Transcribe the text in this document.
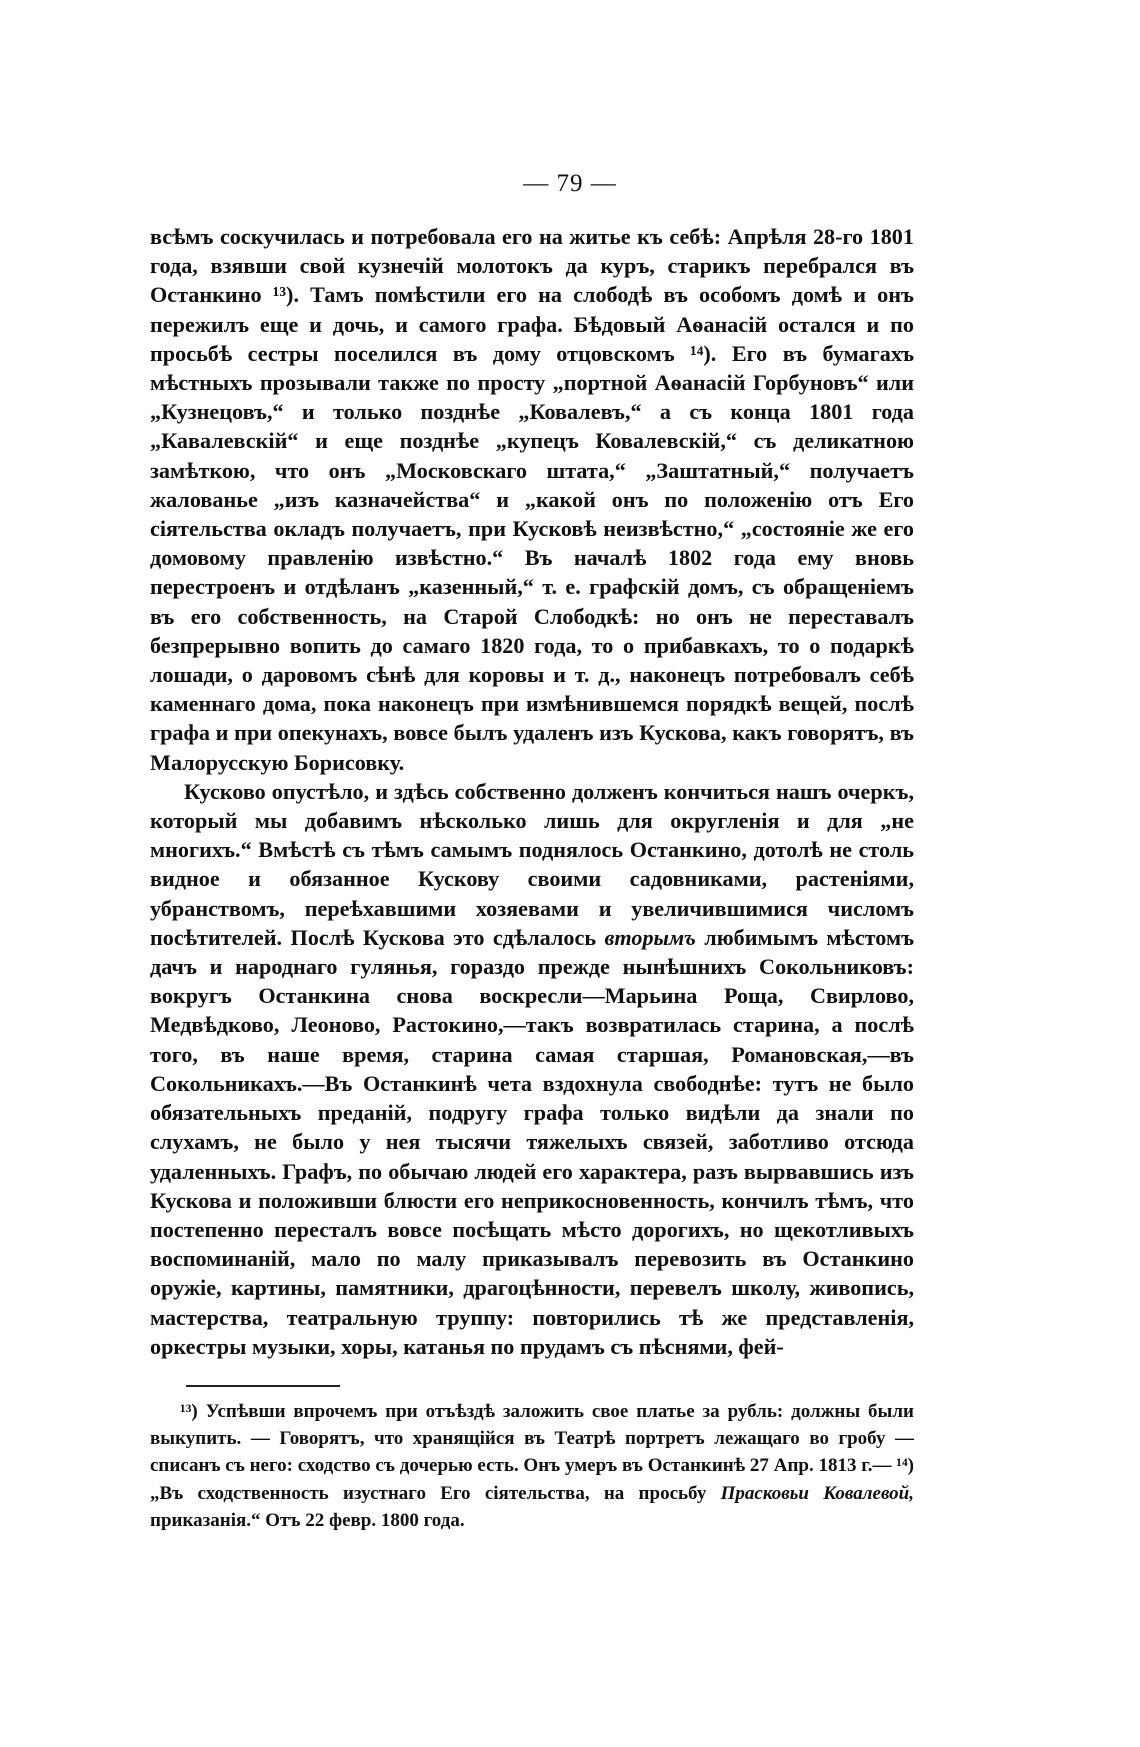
— 79 —

всѣмъ соскучилась и потребовала его на житье къ себѣ: Апрѣля 28-го 1801 года, взявши свой кузнечій молотокъ да куръ, старикъ перебрался въ Останкино ¹³). Тамъ помѣстили его на слободѣ въ особомъ домѣ и онъ пережилъ еще и дочь, и самого графа. Бѣдовый Аѳанасій остался и по просьбѣ сестры поселился въ дому отцовскомъ ¹⁴). Его въ бумагахъ мѣстныхъ прозывали также по просту „портной Аѳанасій Горбуновъ“ или „Кузнецовъ,“ и только позднѣе „Ковалевъ,“ а съ конца 1801 года „Кавалевскій“ и еще позднѣе „купецъ Ковалевскій,“ съ деликатною замѣткою, что онъ „Московскаго штата,“ „Заштатный,“ получаетъ жалованье „изъ казначейства“ и „какой онъ по положенію отъ Его сіятельства окладъ получаетъ, при Кусковѣ неизвѣстно,“ „состояніе же его домовому правленію извѣстно.“ Въ началѣ 1802 года ему вновь перестроенъ и отдѣланъ „казенный,“ т. е. графскій домъ, съ обращеніемъ въ его собственность, на Старой Слободкѣ: но онъ не переставалъ безпрерывно вопить до самаго 1820 года, то о прибавкахъ, то о подаркѣ лошади, о даровомъ сѣнѣ для коровы и т. д., наконецъ потребовалъ себѣ каменнаго дома, пока наконецъ при измѣнившемся порядкѣ вещей, послѣ графа и при опекунахъ, вовсе былъ удаленъ изъ Кускова, какъ говорятъ, въ Малорусскую Борисовку.

Кусково опустѣло, и здѣсь собственно долженъ кончиться нашъ очеркъ, который мы добавимъ нѣсколько лишь для округленія и для „не многихъ.“ Вмѣстѣ съ тѣмъ самымъ поднялось Останкино, дотолѣ не столь видное и обязанное Кускову своими садовниками, растеніями, убранствомъ, переѣхавшими хозяевами и увеличившимися числомъ посѣтителей. Послѣ Кускова это сдѣлалось вторымъ любимымъ мѣстомъ дачъ и народнаго гулянья, гораздо прежде нынѣшнихъ Сокольниковъ: вокругъ Останкина снова воскресли—Марьина Роща, Свирлово, Медвѣдково, Леоново, Растокино,—такъ возвратилась старина, а послѣ того, въ наше время, старина самая старшая, Романовская,—въ Сокольникахъ.—Въ Останкинѣ чета вздохнула свободнѣе: тутъ не было обязательныхъ преданій, подругу графа только видѣли да знали по слухамъ, не было у нея тысячи тяжелыхъ связей, заботливо отсюда удаленныхъ. Графъ, по обычаю людей его характера, разъ вырвавшись изъ Кускова и положивши блюсти его неприкосновенность, кончилъ тѣмъ, что постепенно пересталъ вовсе посѣщать мѣсто дорогихъ, но щекотливыхъ воспоминаній, мало по малу приказывалъ перевозить въ Останкино оружіе, картины, памятники, драгоцѣнности, перевелъ школу, живопись, мастерства, театральную труппу: повторились тѣ же представленія, оркестры музыки, хоры, катанья по прудамъ съ пѣснями, фей-

¹³) Успѣвши впрочемъ при отъѣздѣ заложить свое платье за рубль: должны были выкупить. — Говорятъ, что хранящійся въ Театрѣ портретъ лежащаго во гробу — списанъ съ него: сходство съ дочерью есть. Онъ умеръ въ Останкинѣ 27 Апр. 1813 г.— ¹⁴) „Въ сходственность изустнаго Его сіятельства, на просьбу Прасковьи Ковалевой, приказанія.“ Отъ 22 февр. 1800 года.
